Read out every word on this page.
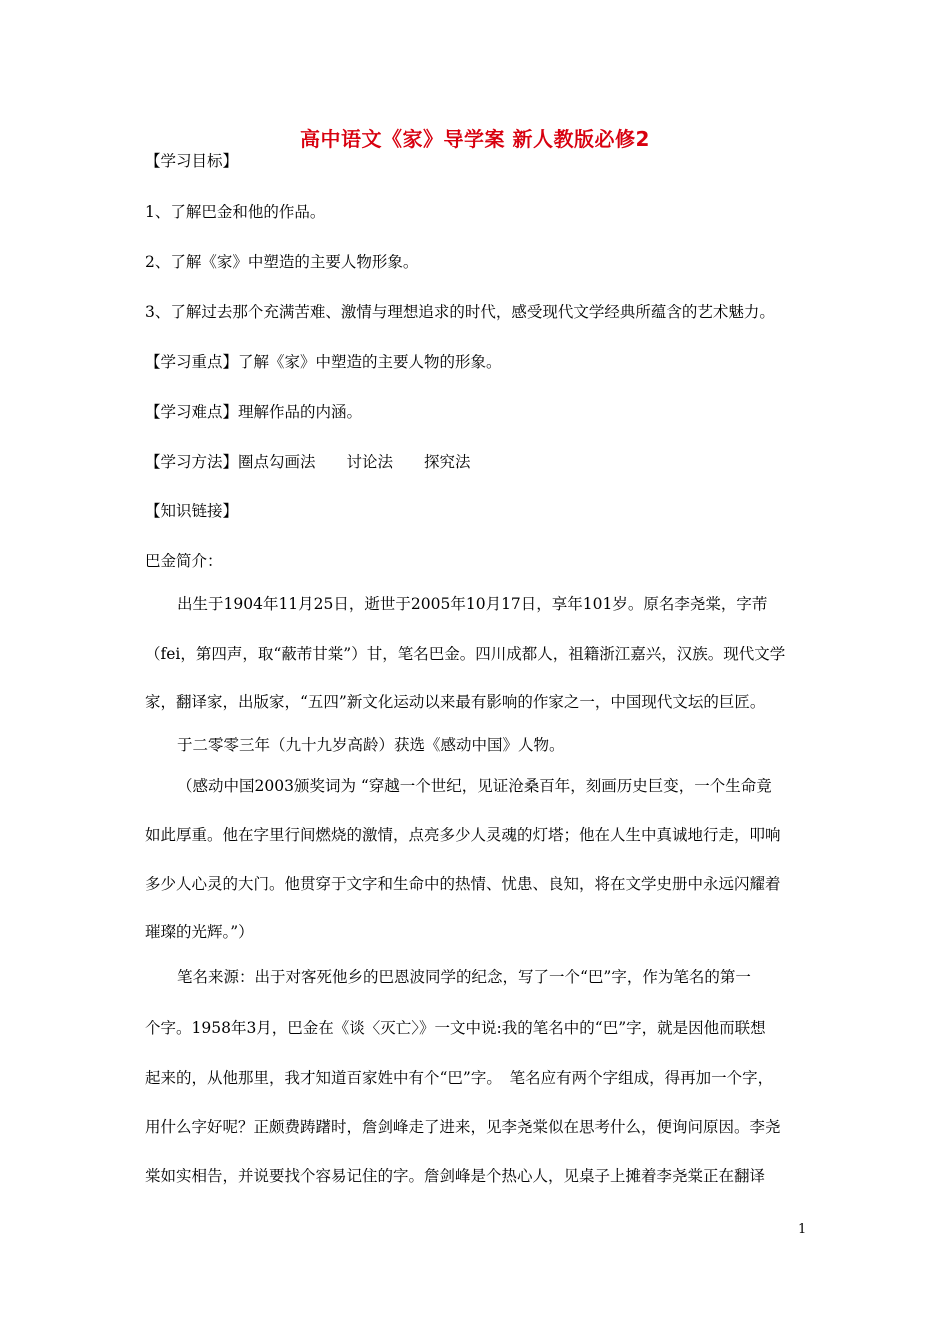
高中语文《家》导学案 新人教版必修2
【学习目标】
1、了解巴金和他的作品。
2、了解《家》中塑造的主要人物形象。
3、了解过去那个充满苦难、激情与理想追求的时代，感受现代文学经典所蕴含的艺术魅力。
【学习重点】了解《家》中塑造的主要人物的形象。
【学习难点】理解作品的内涵。
【学习方法】圈点勾画法　　讨论法　　探究法
【知识链接】
巴金简介：
出生于1904年11月25日，逝世于2005年10月17日，享年101岁。原名李尧棠，字芾
（fei，第四声，取“蔽芾甘棠”）甘，笔名巴金。四川成都人，祖籍浙江嘉兴，汉族。现代文学
家，翻译家，出版家，“五四”新文化运动以来最有影响的作家之一，中国现代文坛的巨匠。
于二零零三年（九十九岁高龄）获选《感动中国》人物。
（感动中国2003颁奖词为 “穿越一个世纪，见证沧桑百年，刻画历史巨变，一个生命竟
如此厚重。他在字里行间燃烧的激情，点亮多少人灵魂的灯塔；他在人生中真诚地行走，叩响
多少人心灵的大门。他贯穿于文字和生命中的热情、忧患、良知，将在文学史册中永远闪耀着
璀璨的光辉。”）
笔名来源：出于对客死他乡的巴恩波同学的纪念，写了一个“巴”字，作为笔名的第一
个字。1958年3月，巴金在《谈〈灭亡〉》一文中说:我的笔名中的“巴”字，就是因他而联想
起来的，从他那里，我才知道百家姓中有个“巴”字。　笔名应有两个字组成，得再加一个字，
用什么字好呢？正颇费踌躇时，詹剑峰走了进来，见李尧棠似在思考什么，便询问原因。李尧
棠如实相告，并说要找个容易记住的字。詹剑峰是个热心人，见桌子上摊着李尧棠正在翻译
1
